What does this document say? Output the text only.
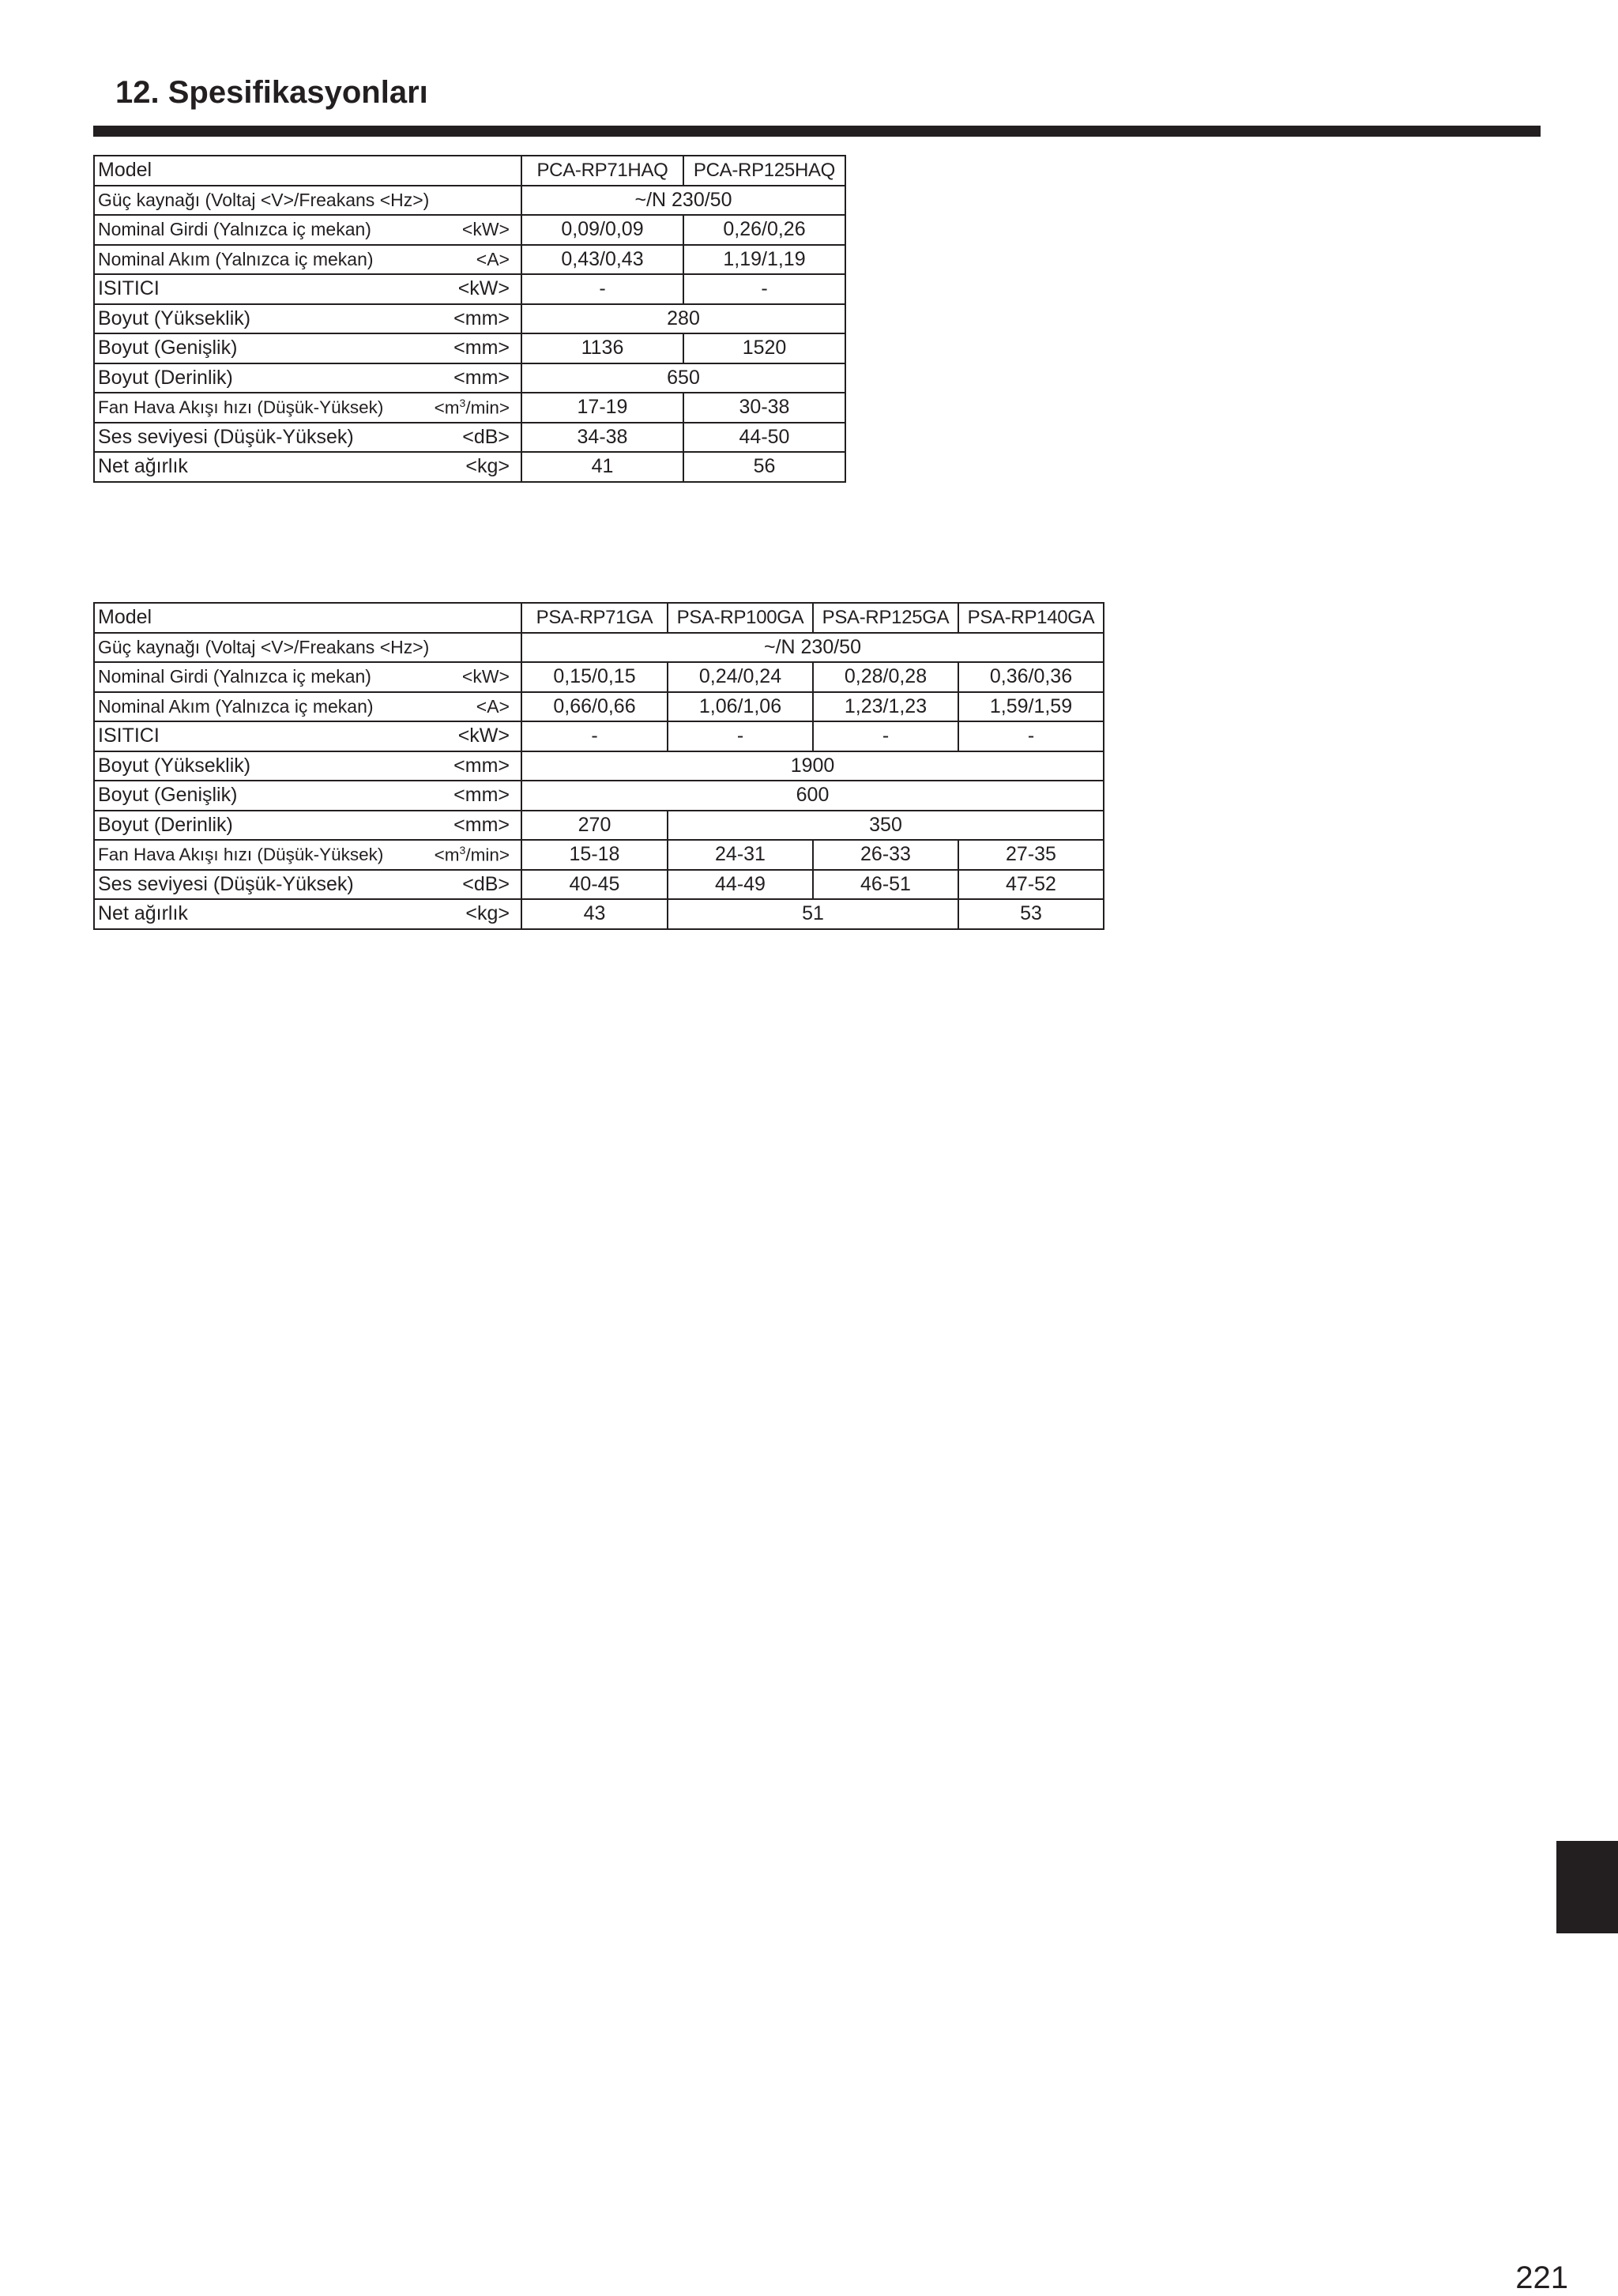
12. Spesifikasyonları
Model	PCA-RP71HAQ	PCA-RP125HAQ

Güç kaynağı (Voltaj <V>/Freakans <Hz>)	~/N 230/50	

Nominal Girdi (Yalnızca iç mekan) <kW>	0,09/0,09	0,26/0,26

Nominal Akım (Yalnızca iç mekan) <A>	0,43/0,43	1,19/1,19

ISITICI <kW>	-	-

Boyut (Yükseklik) <mm>	280	

Boyut (Genişlik) <mm>	1136	1520

Boyut (Derinlik) <mm>	650	

Fan Hava Akışı hızı (Düşük-Yüksek) $<m^3/\min>$	17-19	30-38

Ses seviyesi (Düşük-Yüksek) <dB>	34-38	44-50

Net ağırlık <kg>	41	56
Model	PSA-RP71GA	PSA-RP100GA	PSA-RP125GA	PSA-RP140GA

Güç kaynağı (Voltaj <V>/Freakans <Hz>)	~/N 230/50			

Nominal Girdi (Yalnızca iç mekan) <kW>	0,15/0,15	0,24/0,24	0,28/0,28	0,36/0,36

Nominal Akım (Yalnızca iç mekan) <A>	0,66/0,66	1,06/1,06	1,23/1,23	1,59/1,59

ISITICI <kW>	-	-	-	-

Boyut (Yükseklik) <mm>	1900			

Boyut (Genişlik) <mm>	600			

Boyut (Derinlik) <mm>	270	350		

Fan Hava Akışı hızı (Düşük-Yüksek) $<m^3/\min>$	15-18	24-31	26-33	27-35

Ses seviyesi (Düşük-Yüksek) <dB>	40-45	44-49	46-51	47-52

Net ağırlık <kg>	43	51		53
221
